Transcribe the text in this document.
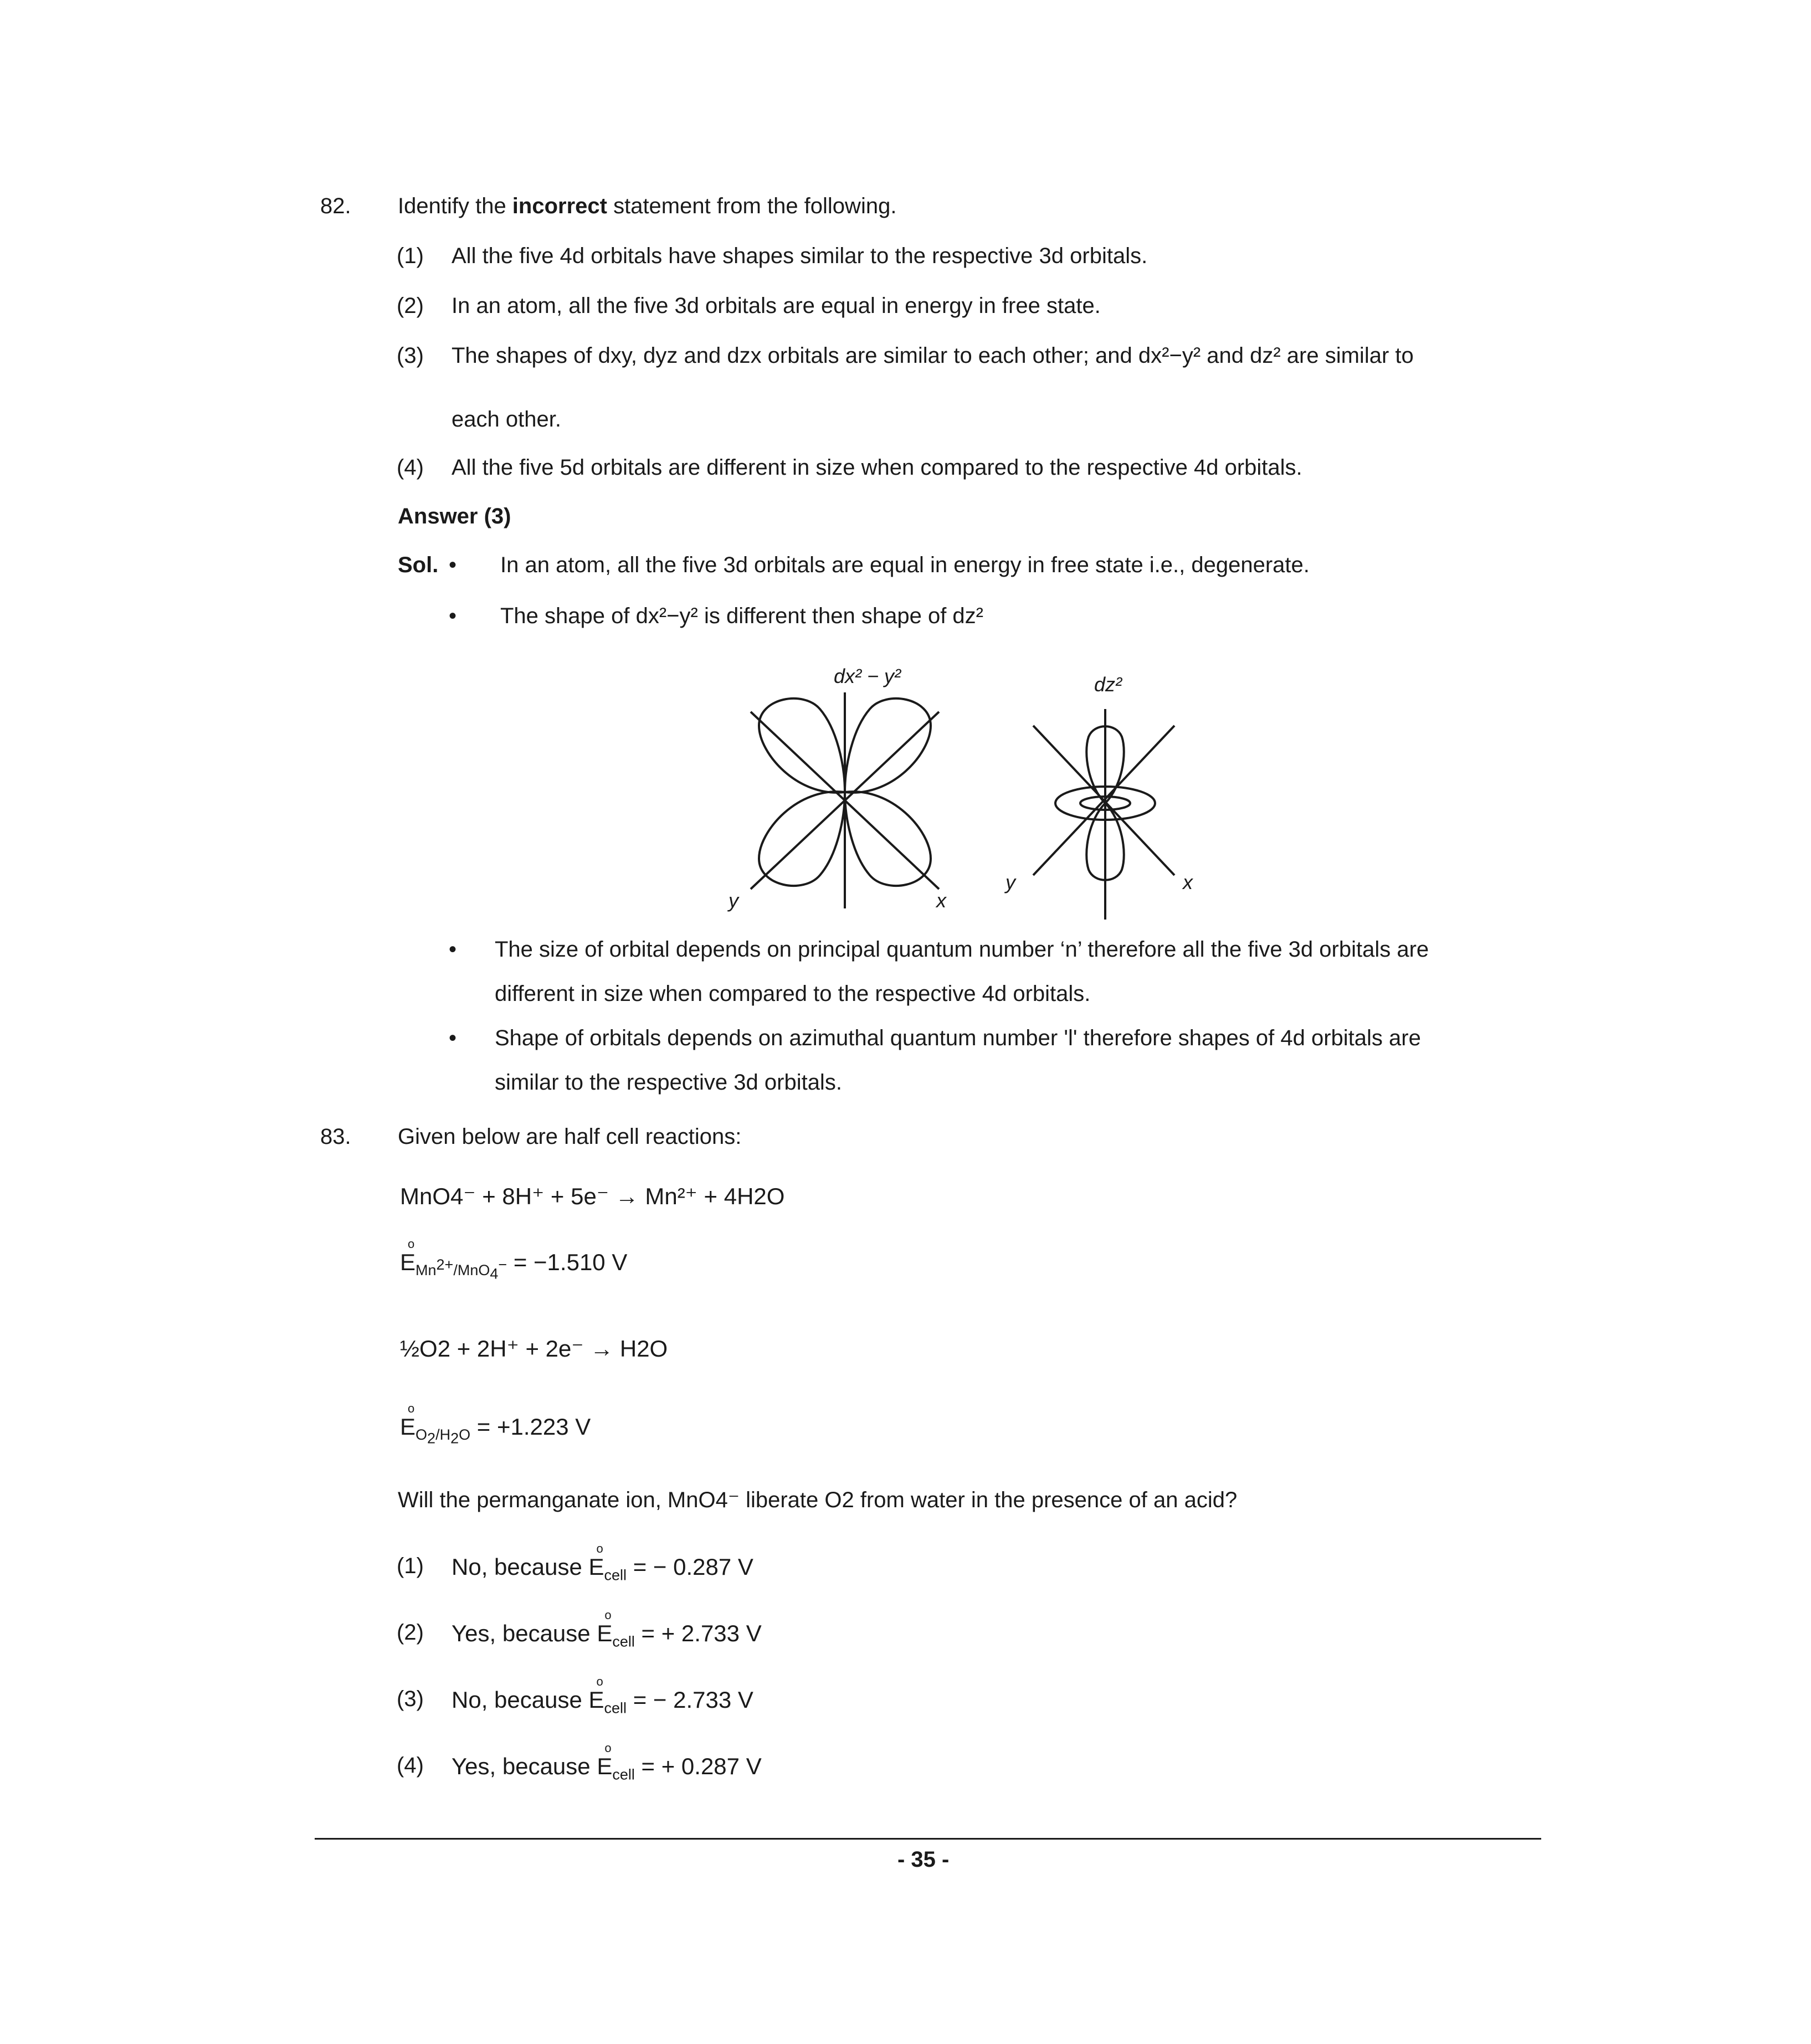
82. Identify the incorrect statement from the following.
(1) All the five 4d orbitals have shapes similar to the respective 3d orbitals.
(2) In an atom, all the five 3d orbitals are equal in energy in free state.
(3) The shapes of dxy, dyz and dzx orbitals are similar to each other; and dx²−y² and dz² are similar to
each other.
(4) All the five 5d orbitals are different in size when compared to the respective 4d orbitals.
Answer (3)
Sol. • In an atom, all the five 3d orbitals are equal in energy in free state i.e., degenerate.
• The shape of dx²−y² is different then shape of dz²
dx² − y²	dz²
y	x
y	x
• The size of orbital depends on principal quantum number ‘n’ therefore all the five 3d orbitals are
different in size when compared to the respective 4d orbitals.
• Shape of orbitals depends on azimuthal quantum number 'l' therefore shapes of 4d orbitals are
similar to the respective 3d orbitals.
83. Given below are half cell reactions:
MnO4⁻ + 8H⁺ + 5e⁻ → Mn²⁺ + 4H2O
E
o
$_{Mn^{2+}/MnO_4^-}$ = −1.510 V
½O2 + 2H⁺ + 2e⁻ → H2O
E
o
$_{O_2/H_2O}$ = +1.223 V
Will the permanganate ion, MnO4⁻ liberate O2 from water in the presence of an acid?
(1) No, because E
o
$_{cell}$ = − 0.287 V
(2) Yes, because E
o
$_{cell}$ = + 2.733 V
(3) No, because E
o
$_{cell}$ = − 2.733 V
(4) Yes, because E
o
$_{cell}$ = + 0.287 V
- 35 -
